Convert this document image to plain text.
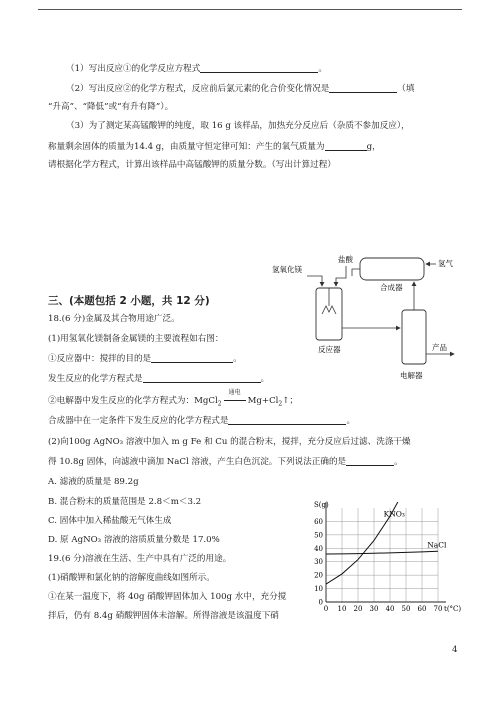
（1）写出反应①的化学反应方程式	。
（2）写出反应②的化学方程式，反应前后氯元素的化合价变化情况是	（填
“升高”、“降低”或“有升有降”）。
（3）为了测定某高锰酸钾的纯度，取 16 g 该样品，加热充分反应后（杂质不参加反应），
称量剩余固体的质量为14.4 g，由质量守恒定律可知：产生的氧气质量为	g，
请根据化学方程式，计算出该样品中高锰酸钾的质量分数。（写出计算过程）
氢氧化镁
盐酸	氢气
反应器
合成器
电解器
产品
三、(本题包括 2 小题，共 12 分)
18.(6 分)金属及其合物用途广泛。
(1)用氢氧化镁制备金属镁的主要流程如右图：
①反应器中：搅拌的目的是	。
发生反应的化学方程式是	。
②电解器中发生反应的化学方程式为：MgCl$_2$
通电
$Mg+Cl_2↑$；
合成器中在一定条件下发生反应的化学方程式是	。
(2)向100g AgNO₃ 溶液中加入 m g Fe 和 Cu 的混合粉末，搅拌，充分反应后过滤、洗涤干燥
得 10.8g 固体，向滤液中滴加 NaCl 溶液，产生白色沉淀。下列说法正确的是	。
A. 滤液的质量是 89.2g
B. 混合粉末的质量范围是 2.8＜m＜3.2
C. 固体中加入稀盐酸无气体生成
D. 原 AgNO₃ 溶液的溶质质量分数是 17.0%
19.(6 分)溶液在生活、生产中具有广泛的用途。
(1)硝酸钾和氯化钠的溶解度曲线如图所示。
①在某一温度下，将 40g 硝酸钾固体加入 100g 水中，充分搅
拌后，仍有 8.4g 硝酸钾固体未溶解。所得溶液是该温度下硝
0 10 20 30 40 50 60 70
0
10
20
30
40
50
60
S(g)
t(°C)
KNO₃
NaCl
4
